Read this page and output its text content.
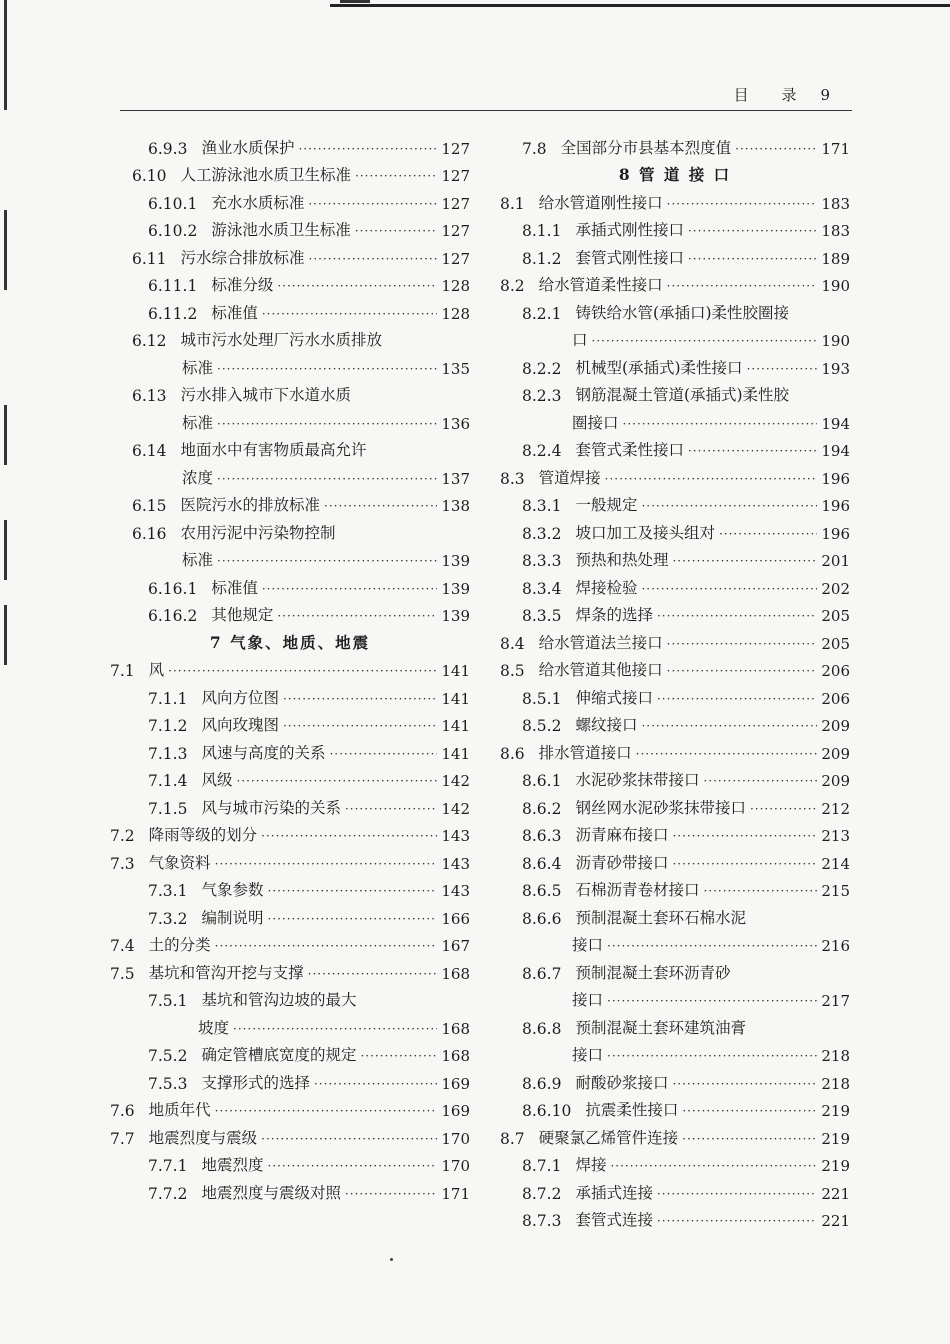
目 录 9
6.9.3 渔业水质保护 ·····	127
6.10 人工游泳池水质卫生标准 ·····	127
6.10.1 充水水质标准 ·····	127
6.10.2 游泳池水质卫生标准 ·····	127
6.11 污水综合排放标准 ·····	127
6.11.1 标准分级 ·····	128
6.11.2 标准值 ·····	128
6.12 城市污水处理厂污水水质排放
标准 ·····	135
6.13 污水排入城市下水道水质
标准 ·····	136
6.14 地面水中有害物质最高允许
浓度 ·····	137
6.15 医院污水的排放标准 ·····	138
6.16 农用污泥中污染物控制
标准 ·····	139
6.16.1 标准值 ·····	139
6.16.2 其他规定 ·····	139
7 气象、地质、地震
7.1 风 ·····	141
7.1.1 风向方位图 ·····	141
7.1.2 风向玫瑰图 ·····	141
7.1.3 风速与高度的关系 ·····	141
7.1.4 风级 ·····	142
7.1.5 风与城市污染的关系 ·····	142
7.2 降雨等级的划分 ·····	143
7.3 气象资料 ·····	143
7.3.1 气象参数 ·····	143
7.3.2 编制说明 ·····	166
7.4 土的分类 ·····	167
7.5 基坑和管沟开挖与支撑 ·····	168
7.5.1 基坑和管沟边坡的最大
坡度 ·····	168
7.5.2 确定管槽底宽度的规定 ·····	168
7.5.3 支撑形式的选择 ·····	169
7.6 地质年代 ·····	169
7.7 地震烈度与震级 ·····	170
7.7.1 地震烈度 ·····	170
7.7.2 地震烈度与震级对照 ·····	171
7.8 全国部分市县基本烈度值 ·····	171
8 管 道 接 口
8.1 给水管道刚性接口 ·····	183
8.1.1 承插式刚性接口 ·····	183
8.1.2 套管式刚性接口 ·····	189
8.2 给水管道柔性接口 ·····	190
8.2.1 铸铁给水管(承插口)柔性胶圈接
口 ·····	190
8.2.2 机械型(承插式)柔性接口 ·····	193
8.2.3 钢筋混凝土管道(承插式)柔性胶
圈接口 ·····	194
8.2.4 套管式柔性接口 ·····	194
8.3 管道焊接 ·····	196
8.3.1 一般规定 ·····	196
8.3.2 坡口加工及接头组对 ·····	196
8.3.3 预热和热处理 ·····	201
8.3.4 焊接检验 ·····	202
8.3.5 焊条的选择 ·····	205
8.4 给水管道法兰接口 ·····	205
8.5 给水管道其他接口 ·····	206
8.5.1 伸缩式接口 ·····	206
8.5.2 螺纹接口 ·····	209
8.6 排水管道接口 ·····	209
8.6.1 水泥砂浆抹带接口 ·····	209
8.6.2 钢丝网水泥砂浆抹带接口 ·····	212
8.6.3 沥青麻布接口 ·····	213
8.6.4 沥青砂带接口 ·····	214
8.6.5 石棉沥青卷材接口 ·····	215
8.6.6 预制混凝土套环石棉水泥
接口 ·····	216
8.6.7 预制混凝土套环沥青砂
接口 ·····	217
8.6.8 预制混凝土套环建筑油膏
接口 ·····	218
8.6.9 耐酸砂浆接口 ·····	218
8.6.10 抗震柔性接口 ·····	219
8.7 硬聚氯乙烯管件连接 ·····	219
8.7.1 焊接 ·····	219
8.7.2 承插式连接 ·····	221
8.7.3 套管式连接 ·····	221
